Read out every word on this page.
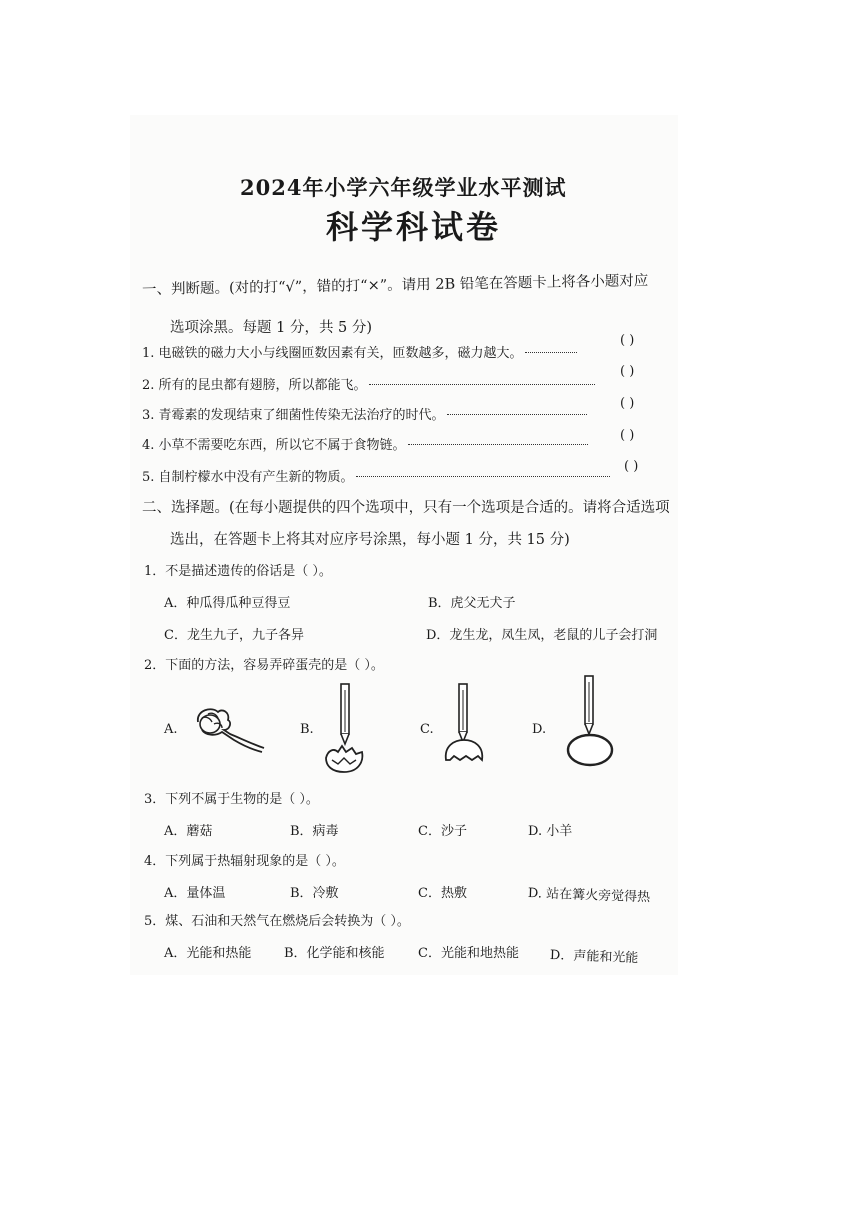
2024年小学六年级学业水平测试
科学科试卷
一、判断题。(对的打“√”，错的打“×”。请用 2B 铅笔在答题卡上将各小题对应
选项涂黑。每题 1 分，共 5 分)
1. 电磁铁的磁力大小与线圈匝数因素有关，匝数越多，磁力越大。
( )
2. 所有的昆虫都有翅膀，所以都能飞。
( )
3. 青霉素的发现结束了细菌性传染无法治疗的时代。
( )
4. 小草不需要吃东西，所以它不属于食物链。
( )
5. 自制柠檬水中没有产生新的物质。
( )
二、选择题。(在每小题提供的四个选项中，只有一个选项是合适的。请将合适选项
选出，在答题卡上将其对应序号涂黑，每小题 1 分，共 15 分)
1．不是描述遗传的俗话是（ ）。
A．种瓜得瓜种豆得豆	B．虎父无犬子
C．龙生九子，九子各异	D．龙生龙，凤生凤，老鼠的儿子会打洞
2．下面的方法，容易弄碎蛋壳的是（ ）。
A.	B.	C.	D.
3．下列不属于生物的是（ ）。
A．蘑菇	B．病毒	C．沙子	D. 小羊
4．下列属于热辐射现象的是（ ）。
A．量体温	B．冷敷	C．热敷	D. 站在篝火旁觉得热
5．煤、石油和天然气在燃烧后会转换为（ ）。
A．光能和热能	B．化学能和核能	C．光能和地热能 D．声能和光能
